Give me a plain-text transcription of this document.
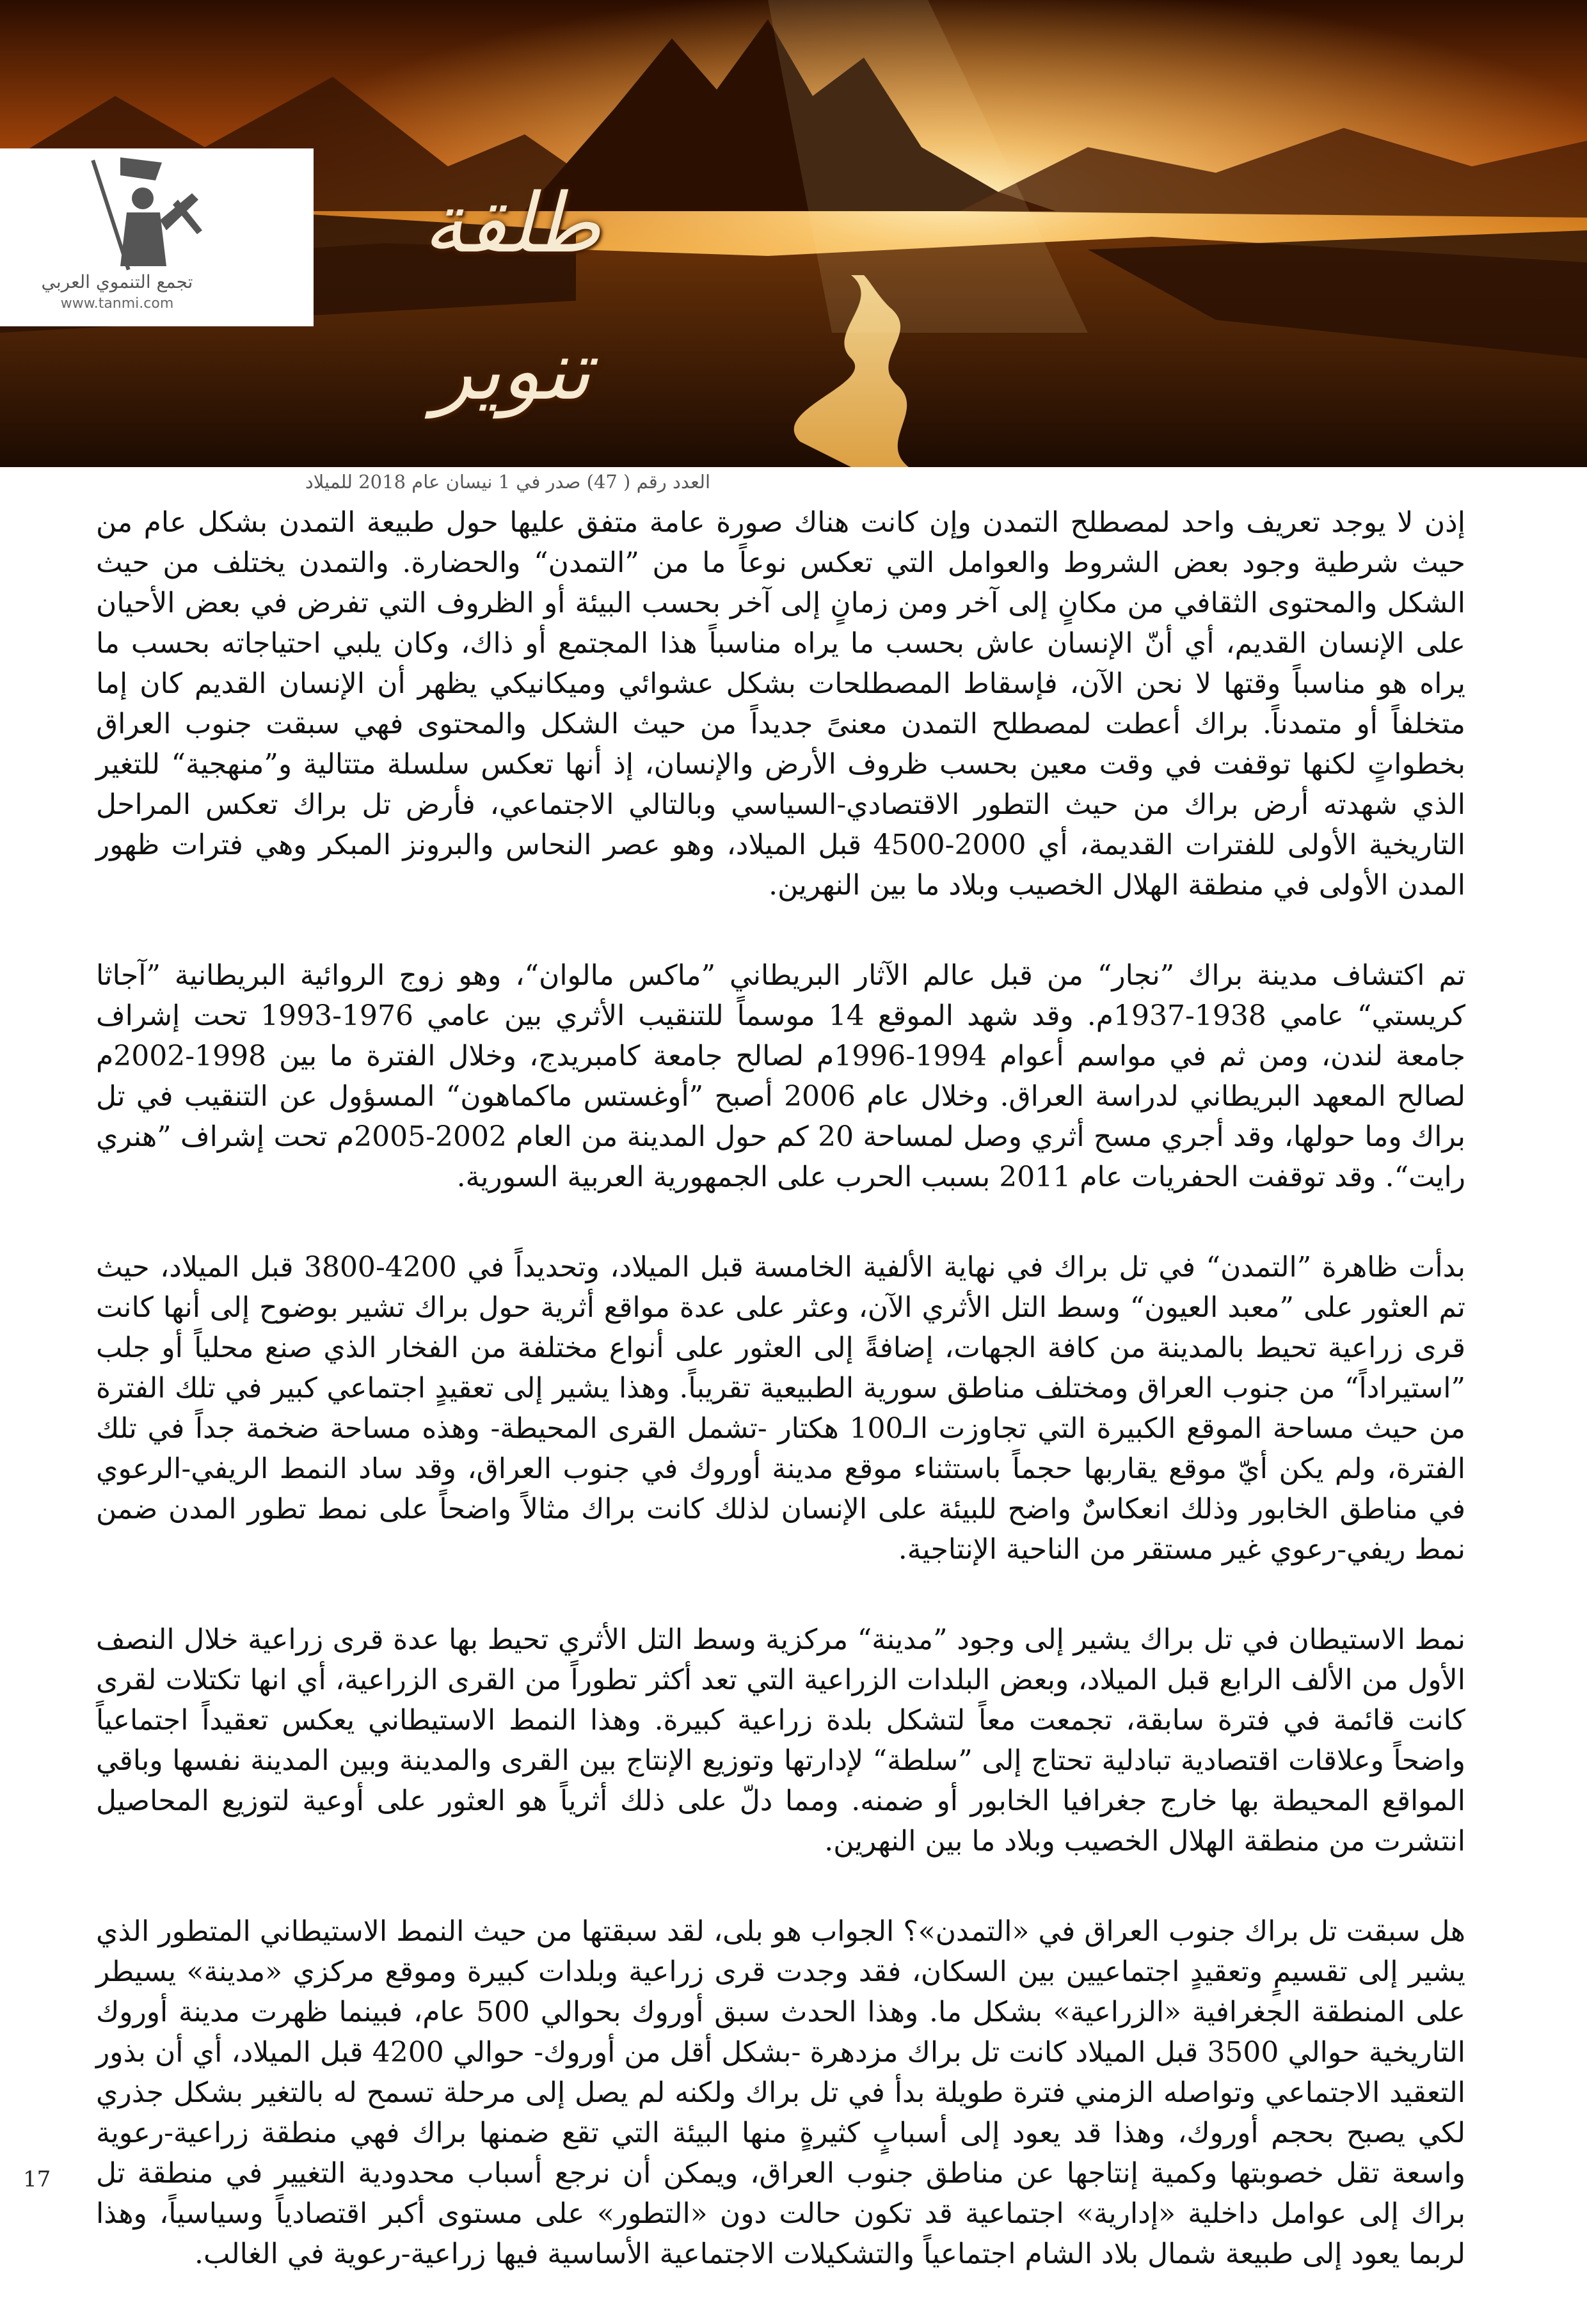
تجمع التنموي العربي
www.tanmi.com
طلقة تنوير
العدد رقم ( 47) صدر في 1 نيسان عام 2018 للميلاد

إذن لا يوجد تعريف واحد لمصطلح التمدن وإن كانت هناك صورة عامة متفق عليها حول طبيعة التمدن بشكل عام من حيث شرطية وجود بعض الشروط والعوامل التي تعكس نوعاً ما من ”التمدن“ والحضارة. والتمدن يختلف من حيث الشكل والمحتوى الثقافي من مكانٍ إلى آخر ومن زمانٍ إلى آخر بحسب البيئة أو الظروف التي تفرض في بعض الأحيان على الإنسان القديم، أي أنّ الإنسان عاش بحسب ما يراه مناسباً هذا المجتمع أو ذاك، وكان يلبي احتياجاته بحسب ما يراه هو مناسباً وقتها لا نحن الآن، فإسقاط المصطلحات بشكل عشوائي وميكانيكي يظهر أن الإنسان القديم كان إما متخلفاً أو متمدناً. براك أعطت لمصطلح التمدن معنىً جديداً من حيث الشكل والمحتوى فهي سبقت جنوب العراق بخطواتٍ لكنها توقفت في وقت معين بحسب ظروف الأرض والإنسان، إذ أنها تعكس سلسلة متتالية و”منهجية“ للتغير الذي شهدته أرض براك من حيث التطور الاقتصادي-السياسي وبالتالي الاجتماعي، فأرض تل براك تعكس المراحل التاريخية الأولى للفترات القديمة، أي 2000-4500 قبل الميلاد، وهو عصر النحاس والبرونز المبكر وهي فترات ظهور المدن الأولى في منطقة الهلال الخصيب وبلاد ما بين النهرين.

تم اكتشاف مدينة براك ”نجار“ من قبل عالم الآثار البريطاني ”ماكس مالوان“، وهو زوج الروائية البريطانية ”آجاثا كريستي“ عامي 1938-1937م. وقد شهد الموقع 14 موسماً للتنقيب الأثري بين عامي 1976-1993 تحت إشراف جامعة لندن، ومن ثم في مواسم أعوام 1994-1996م لصالح جامعة كامبريدج، وخلال الفترة ما بين 1998-2002م لصالح المعهد البريطاني لدراسة العراق. وخلال عام 2006 أصبح ”أوغستس ماكماهون“ المسؤول عن التنقيب في تل براك وما حولها، وقد أجري مسح أثري وصل لمساحة 20 كم حول المدينة من العام 2002-2005م تحت إشراف ”هنري رايت“. وقد توقفت الحفريات عام 2011 بسبب الحرب على الجمهورية العربية السورية.

بدأت ظاهرة ”التمدن“ في تل براك في نهاية الألفية الخامسة قبل الميلاد، وتحديداً في 4200-3800 قبل الميلاد، حيث تم العثور على ”معبد العيون“ وسط التل الأثري الآن، وعثر على عدة مواقع أثرية حول براك تشير بوضوح إلى أنها كانت قرى زراعية تحيط بالمدينة من كافة الجهات، إضافةً إلى العثور على أنواع مختلفة من الفخار الذي صنع محلياً أو جلب ”استيراداً“ من جنوب العراق ومختلف مناطق سورية الطبيعية تقريباً. وهذا يشير إلى تعقيدٍ اجتماعي كبير في تلك الفترة من حيث مساحة الموقع الكبيرة التي تجاوزت الـ100 هكتار -تشمل القرى المحيطة- وهذه مساحة ضخمة جداً في تلك الفترة، ولم يكن أيّ موقع يقاربها حجماً باستثناء موقع مدينة أوروك في جنوب العراق، وقد ساد النمط الريفي-الرعوي في مناطق الخابور وذلك انعكاسٌ واضح للبيئة على الإنسان لذلك كانت براك مثالاً واضحاً على نمط تطور المدن ضمن نمط ريفي-رعوي غير مستقر من الناحية الإنتاجية.

نمط الاستيطان في تل براك يشير إلى وجود ”مدينة“ مركزية وسط التل الأثري تحيط بها عدة قرى زراعية خلال النصف الأول من الألف الرابع قبل الميلاد، وبعض البلدات الزراعية التي تعد أكثر تطوراً من القرى الزراعية، أي انها تكتلات لقرى كانت قائمة في فترة سابقة، تجمعت معاً لتشكل بلدة زراعية كبيرة. وهذا النمط الاستيطاني يعكس تعقيداً اجتماعياً واضحاً وعلاقات اقتصادية تبادلية تحتاج إلى ”سلطة“ لإدارتها وتوزيع الإنتاج بين القرى والمدينة وبين المدينة نفسها وباقي المواقع المحيطة بها خارج جغرافيا الخابور أو ضمنه. ومما دلّ على ذلك أثرياً هو العثور على أوعية لتوزيع المحاصيل انتشرت من منطقة الهلال الخصيب وبلاد ما بين النهرين.

هل سبقت تل براك جنوب العراق في «التمدن»؟ الجواب هو بلى، لقد سبقتها من حيث النمط الاستيطاني المتطور الذي يشير إلى تقسيمٍ وتعقيدٍ اجتماعيين بين السكان، فقد وجدت قرى زراعية وبلدات كبيرة وموقع مركزي «مدينة» يسيطر على المنطقة الجغرافية «الزراعية» بشكل ما. وهذا الحدث سبق أوروك بحوالي 500 عام، فبينما ظهرت مدينة أوروك التاريخية حوالي 3500 قبل الميلاد كانت تل براك مزدهرة -بشكل أقل من أوروك- حوالي 4200 قبل الميلاد، أي أن بذور التعقيد الاجتماعي وتواصله الزمني فترة طويلة بدأ في تل براك ولكنه لم يصل إلى مرحلة تسمح له بالتغير بشكل جذري لكي يصبح بحجم أوروك، وهذا قد يعود إلى أسبابٍ كثيرةٍ منها البيئة التي تقع ضمنها براك فهي منطقة زراعية-رعوية واسعة تقل خصوبتها وكمية إنتاجها عن مناطق جنوب العراق، ويمكن أن نرجع أسباب محدودية التغيير في منطقة تل براك إلى عوامل داخلية «إدارية» اجتماعية قد تكون حالت دون «التطور» على مستوى أكبر اقتصادياً وسياسياً، وهذا لربما يعود إلى طبيعة شمال بلاد الشام اجتماعياً والتشكيلات الاجتماعية الأساسية فيها زراعية-رعوية في الغالب.

17
